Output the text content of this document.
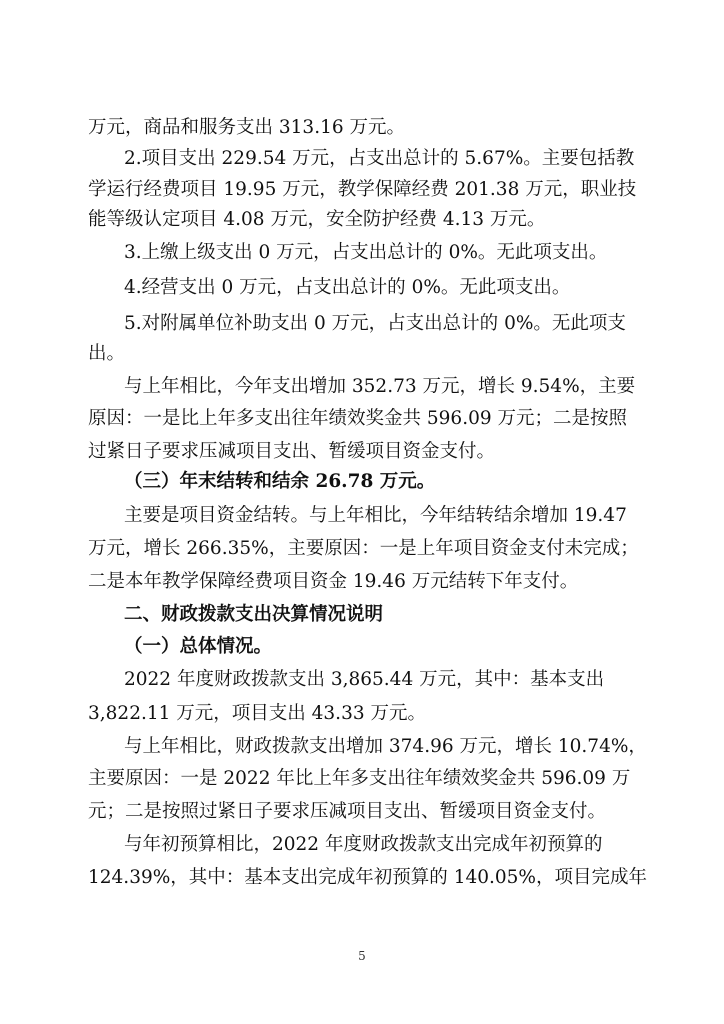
万元，商品和服务支出 313.16 万元。
2.项目支出 229.54 万元，占支出总计的 5.67%。主要包括教
学运行经费项目 19.95 万元，教学保障经费 201.38 万元，职业技
能等级认定项目 4.08 万元，安全防护经费 4.13 万元。
3.上缴上级支出 0 万元，占支出总计的 0%。无此项支出。
4.经营支出 0 万元，占支出总计的 0%。无此项支出。
5.对附属单位补助支出 0 万元，占支出总计的 0%。无此项支
出。
与上年相比，今年支出增加 352.73 万元，增长 9.54%，主要
原因：一是比上年多支出往年绩效奖金共 596.09 万元；二是按照
过紧日子要求压减项目支出、暂缓项目资金支付。
（三）年末结转和结余 26.78 万元。
主要是项目资金结转。与上年相比，今年结转结余增加 19.47
万元，增长 266.35%，主要原因：一是上年项目资金支付未完成；
二是本年教学保障经费项目资金 19.46 万元结转下年支付。
二、财政拨款支出决算情况说明
（一）总体情况。
2022 年度财政拨款支出 3,865.44 万元，其中：基本支出
3,822.11 万元，项目支出 43.33 万元。
与上年相比，财政拨款支出增加 374.96 万元，增长 10.74%，
主要原因：一是 2022 年比上年多支出往年绩效奖金共 596.09 万
元；二是按照过紧日子要求压减项目支出、暂缓项目资金支付。
与年初预算相比，2022 年度财政拨款支出完成年初预算的
124.39%，其中：基本支出完成年初预算的 140.05%，项目完成年
5
